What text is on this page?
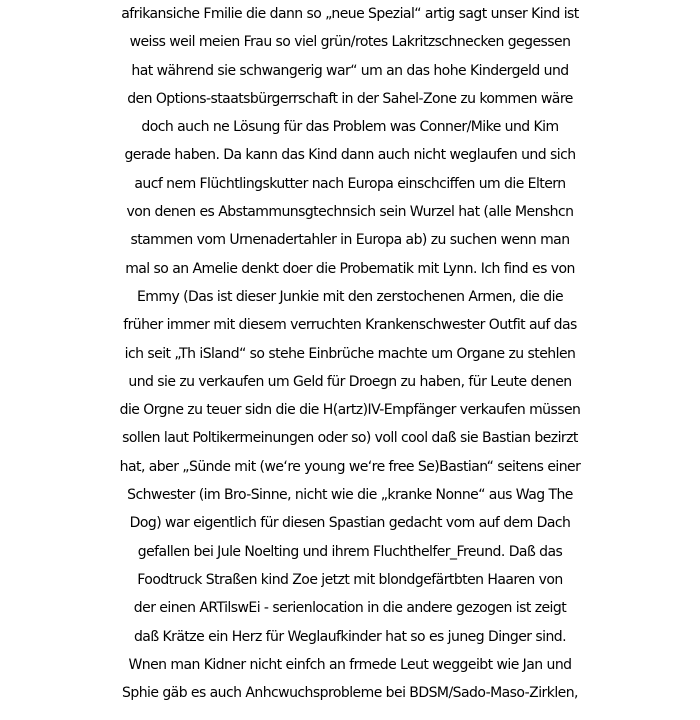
afrikansiche Fmilie die dann so „neue Spezial“ artig sagt unser Kind ist
weiss weil meien Frau so viel grün/rotes Lakritzschnecken gegessen
hat während sie schwangerig war“ um an das hohe Kindergeld und
den Options-staatsbürgerrschaft in der Sahel-Zone zu kommen wäre
doch auch ne Lösung für das Problem was Conner/Mike und Kim
gerade haben. Da kann das Kind dann auch nicht weglaufen und sich
aucf nem Flüchtlingskutter nach Europa einschciffen um die Eltern
von denen es Abstammunsgtechnsich sein Wurzel hat (alle Menshcn
stammen vom Urnenadertahler in Europa ab) zu suchen wenn man
mal so an Amelie denkt doer die Probematik mit Lynn. Ich find es von
Emmy (Das ist dieser Junkie mit den zerstochenen Armen, die die
früher immer mit diesem verruchten Krankenschwester Outfit auf das
ich seit „Th iSland“ so stehe Einbrüche machte um Organe zu stehlen
und sie zu verkaufen um Geld für Droegn zu haben, für Leute denen
die Orgne zu teuer sidn die die H(artz)IV-Empfänger verkaufen müssen
sollen laut Poltikermeinungen oder so) voll cool daß sie Bastian bezirzt
hat, aber „Sünde mit (we‘re young we‘re free Se)Bastian“ seitens einer
Schwester (im Bro-Sinne, nicht wie die „kranke Nonne“ aus Wag The
Dog) war eigentlich für diesen Spastian gedacht vom auf dem Dach
gefallen bei Jule Noelting und ihrem Fluchthelfer_Freund. Daß das
Foodtruck Straßen kind Zoe jetzt mit blondgefärtbten Haaren von
der einen ARTilswEi - serienlocation in die andere gezogen ist zeigt
daß Krätze ein Herz für Weglaufkinder hat so es juneg Dinger sind.
Wnen man Kidner nicht einfch an frmede Leut weggeibt wie Jan und
Sphie gäb es auch Anhcwuchsprobleme bei BDSM/Sado-Maso-Zirklen,
